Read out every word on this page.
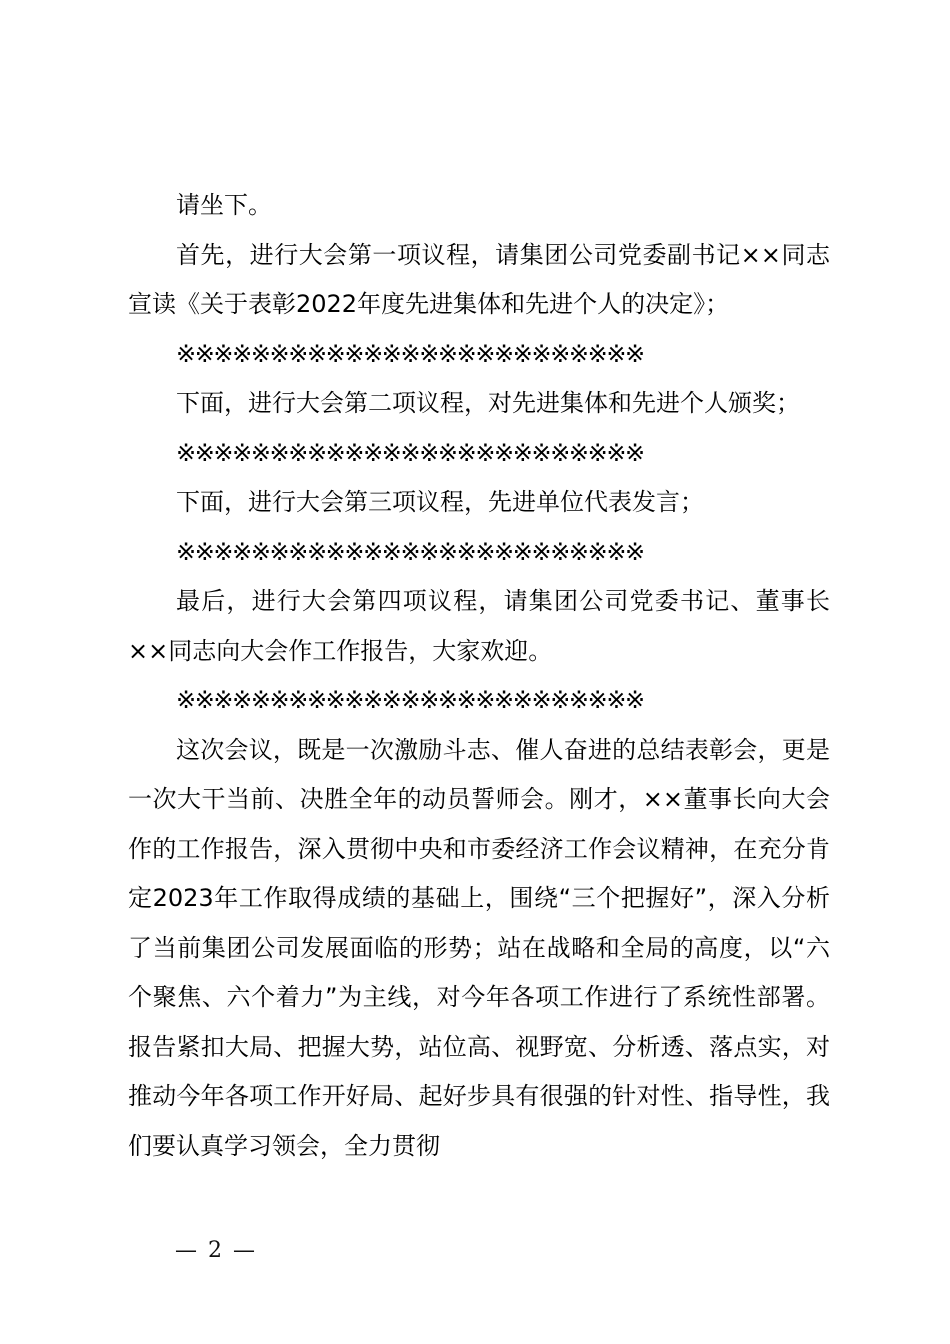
请坐下。

首先，进行大会第一项议程，请集团公司党委副书记××同志宣读《关于表彰2022年度先进集体和先进个人的决定》；

※※※※※※※※※※※※※※※※※※※※※※※※※

下面，进行大会第二项议程，对先进集体和先进个人颁奖；

※※※※※※※※※※※※※※※※※※※※※※※※※

下面，进行大会第三项议程，先进单位代表发言；

※※※※※※※※※※※※※※※※※※※※※※※※※

最后，进行大会第四项议程，请集团公司党委书记、董事长××同志向大会作工作报告，大家欢迎。

※※※※※※※※※※※※※※※※※※※※※※※※※

这次会议，既是一次激励斗志、催人奋进的总结表彰会，更是一次大干当前、决胜全年的动员誓师会。刚才，××董事长向大会作的工作报告，深入贯彻中央和市委经济工作会议精神，在充分肯定2023年工作取得成绩的基础上，围绕“三个把握好”，深入分析了当前集团公司发展面临的形势；站在战略和全局的高度，以“六个聚焦、六个着力”为主线，对今年各项工作进行了系统性部署。报告紧扣大局、把握大势，站位高、视野宽、分析透、落点实，对推动今年各项工作开好局、起好步具有很强的针对性、指导性，我们要认真学习领会，全力贯彻

— 2 —
